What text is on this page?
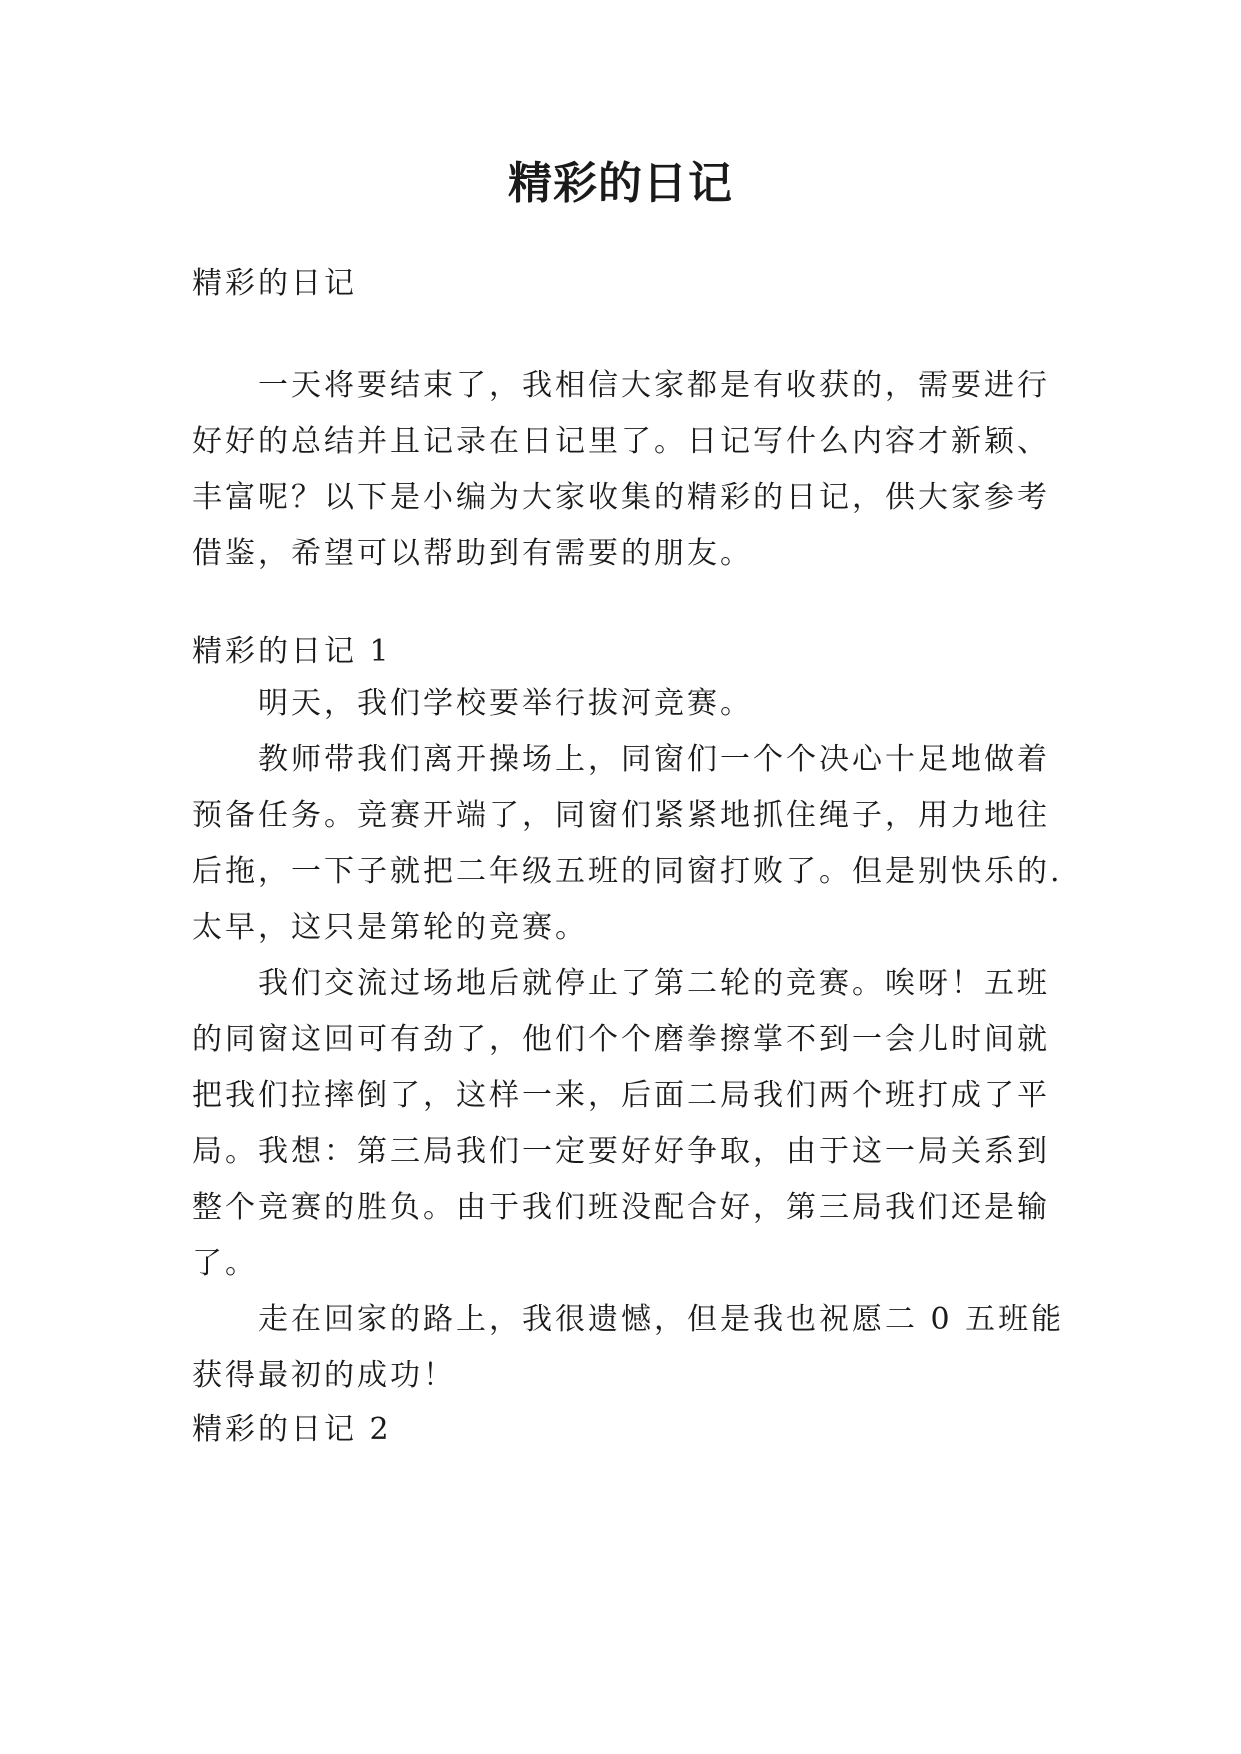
精彩的日记

精彩的日记

一天将要结束了，我相信大家都是有收获的，需要进行

好好的总结并且记录在日记里了。日记写什么内容才新颖、

丰富呢？以下是小编为大家收集的精彩的日记，供大家参考

借鉴，希望可以帮助到有需要的朋友。

精彩的日记 1

明天，我们学校要举行拔河竞赛。

教师带我们离开操场上，同窗们一个个决心十足地做着

预备任务。竞赛开端了，同窗们紧紧地抓住绳子，用力地往

后拖，一下子就把二年级五班的同窗打败了。但是别快乐的.

太早，这只是第轮的竞赛。

我们交流过场地后就停止了第二轮的竞赛。唉呀！五班

的同窗这回可有劲了，他们个个磨拳擦掌不到一会儿时间就

把我们拉摔倒了，这样一来，后面二局我们两个班打成了平

局。我想：第三局我们一定要好好争取，由于这一局关系到

整个竞赛的胜负。由于我们班没配合好，第三局我们还是输

了。

走在回家的路上，我很遗憾，但是我也祝愿二 0 五班能

获得最初的成功！

精彩的日记 2
